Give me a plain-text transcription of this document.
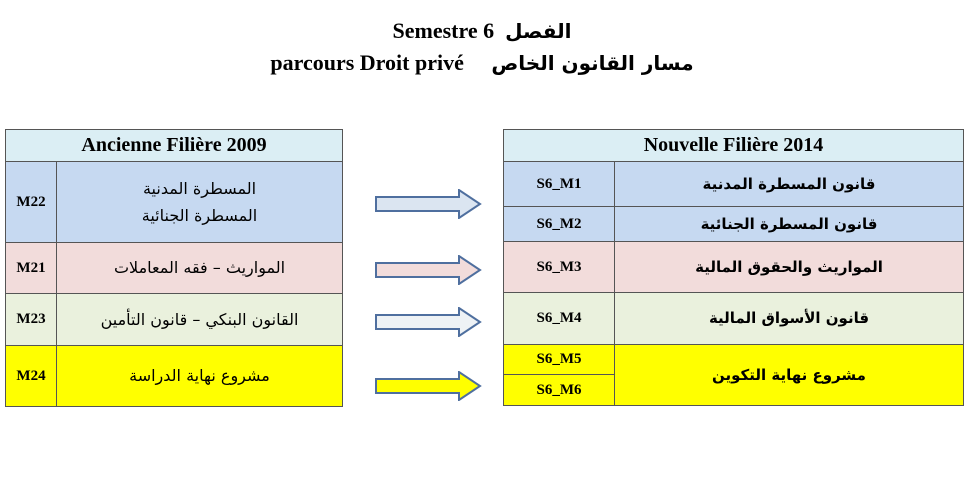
Semestre 6 الفصل
parcours Droit privé مسار القانون الخاص
Ancienne Filière 2009	
M22	المسطرة المدنية
المسطرة الجنائية

M21	المواريث – فقه المعاملات
M23	القانون البنكي – قانون التأمين
M24	مشروع نهاية الدراسة
Nouvelle Filière 2014	
S6_M1	قانون المسطرة المدنية
S6_M2	قانون المسطرة الجنائية
S6_M3	المواريث والحقوق المالية
S6_M4	قانون الأسواق المالية
S6_M5	مشروع نهاية التكوين
S6_M6	
